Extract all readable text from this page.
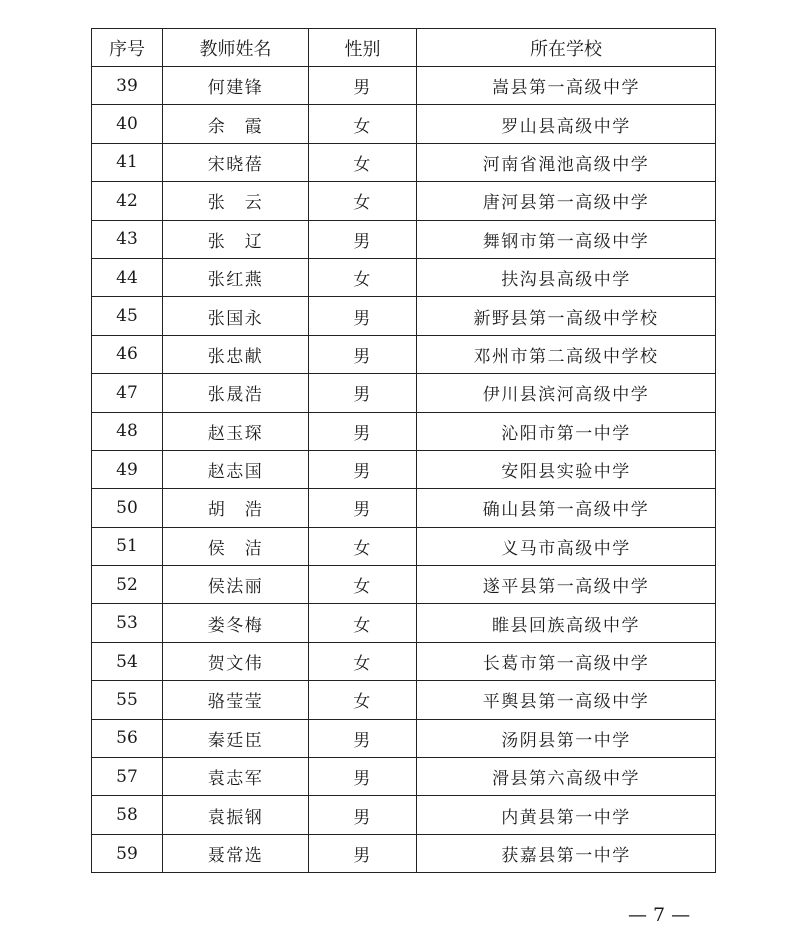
序号	教师姓名	性别	所在学校
39	何建锋	男	嵩县第一高级中学
40	余　霞	女	罗山县高级中学
41	宋晓蓓	女	河南省渑池高级中学
42	张　云	女	唐河县第一高级中学
43	张　辽	男	舞钢市第一高级中学
44	张红燕	女	扶沟县高级中学
45	张国永	男	新野县第一高级中学校
46	张忠献	男	邓州市第二高级中学校
47	张晟浩	男	伊川县滨河高级中学
48	赵玉琛	男	沁阳市第一中学
49	赵志国	男	安阳县实验中学
50	胡　浩	男	确山县第一高级中学
51	侯　洁	女	义马市高级中学
52	侯法丽	女	遂平县第一高级中学
53	娄冬梅	女	睢县回族高级中学
54	贺文伟	女	长葛市第一高级中学
55	骆莹莹	女	平舆县第一高级中学
56	秦廷臣	男	汤阴县第一中学
57	袁志军	男	滑县第六高级中学
58	袁振钢	男	内黄县第一中学
59	聂常选	男	获嘉县第一中学
— 7 —
